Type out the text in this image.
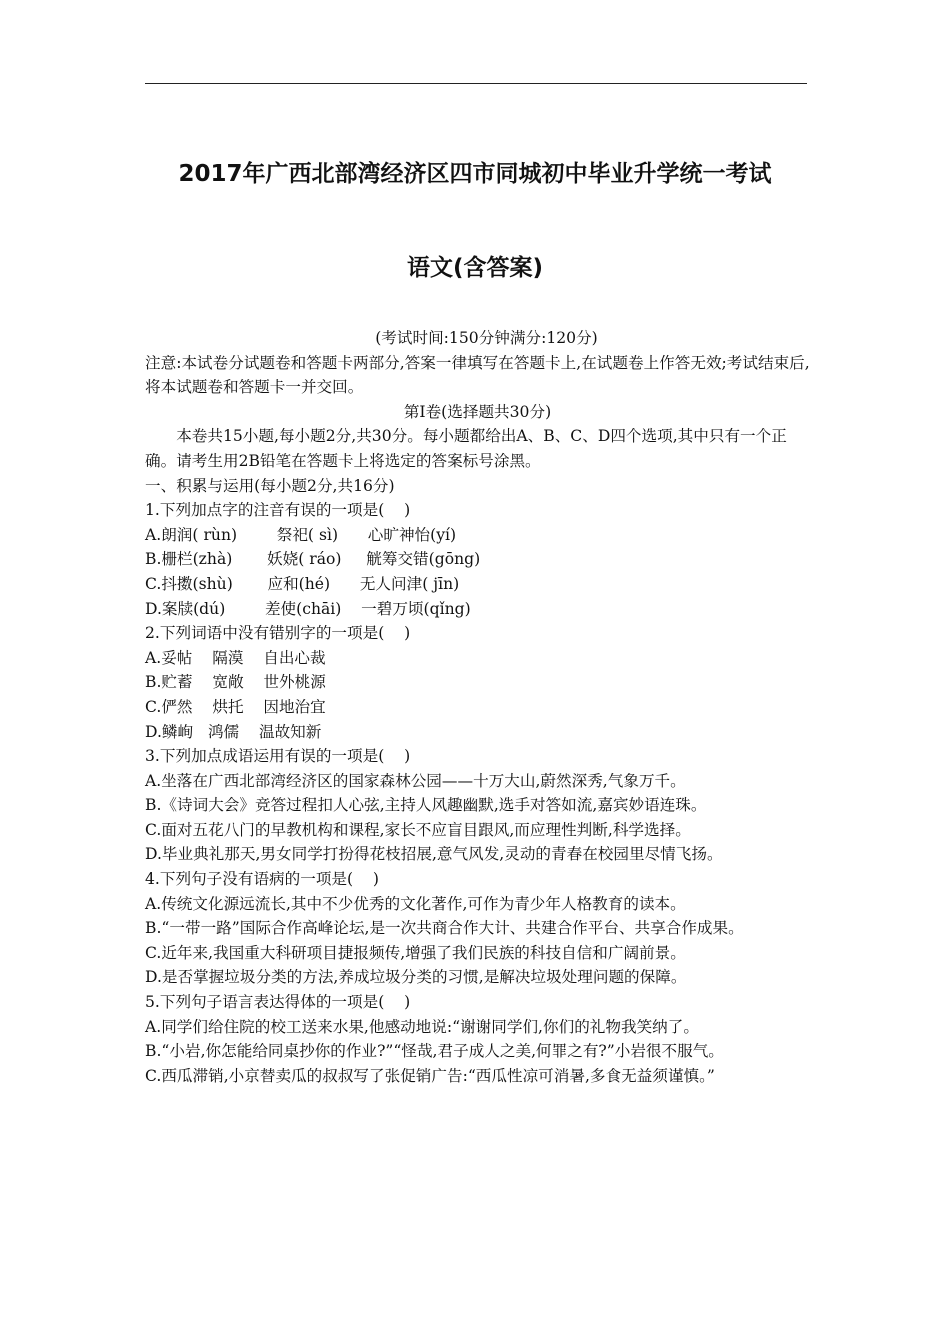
2017年广西北部湾经济区四市同城初中毕业升学统一考试
语文(含答案)
(考试时间:150分钟满分:120分)
注意:本试卷分试题卷和答题卡两部分,答案一律填写在答题卡上,在试题卷上作答无效;考试结束后,将本试题卷和答题卡一并交回。
第Ⅰ卷(选择题共30分)
本卷共15小题,每小题2分,共30分。每小题都给出A、B、C、D四个选项,其中只有一个正确。请考生用2B铅笔在答题卡上将选定的答案标号涂黑。
一、积累与运用(每小题2分,共16分)
1.下列加点字的注音有误的一项是(    )
A.朗润( rùn)        祭祀( sì)      心旷神怡(yí)
B.栅栏(zhà)       妖娆( ráo)     觥筹交错(gōng)
C.抖擞(shù)       应和(hé)      无人问津( jīn)
D.案牍(dú)        差使(chāi)    一碧万顷(qǐng)
2.下列词语中没有错别字的一项是(    )
A.妥帖    隔漠    自出心裁
B.贮蓄    宽敞    世外桃源
C.俨然    烘托    因地治宜
D.鳞峋   鸿儒    温故知新
3.下列加点成语运用有误的一项是(    )
A.坐落在广西北部湾经济区的国家森林公园——十万大山,蔚然深秀,气象万千。
B.《诗词大会》竞答过程扣人心弦,主持人风趣幽默,选手对答如流,嘉宾妙语连珠。
C.面对五花八门的早教机构和课程,家长不应盲目跟风,而应理性判断,科学选择。
D.毕业典礼那天,男女同学打扮得花枝招展,意气风发,灵动的青春在校园里尽情飞扬。
4.下列句子没有语病的一项是(    )
A.传统文化源远流长,其中不少优秀的文化著作,可作为青少年人格教育的读本。
B.“一带一路”国际合作高峰论坛,是一次共商合作大计、共建合作平台、共享合作成果。
C.近年来,我国重大科研项目捷报频传,增强了我们民族的科技自信和广阔前景。
D.是否掌握垃圾分类的方法,养成垃圾分类的习惯,是解决垃圾处理问题的保障。
5.下列句子语言表达得体的一项是(    )
A.同学们给住院的校工送来水果,他感动地说:“谢谢同学们,你们的礼物我笑纳了。
B.“小岩,你怎能给同桌抄你的作业?”“怪哉,君子成人之美,何罪之有?”小岩很不服气。
C.西瓜滞销,小京替卖瓜的叔叔写了张促销广告:“西瓜性凉可消暑,多食无益须谨慎。”
